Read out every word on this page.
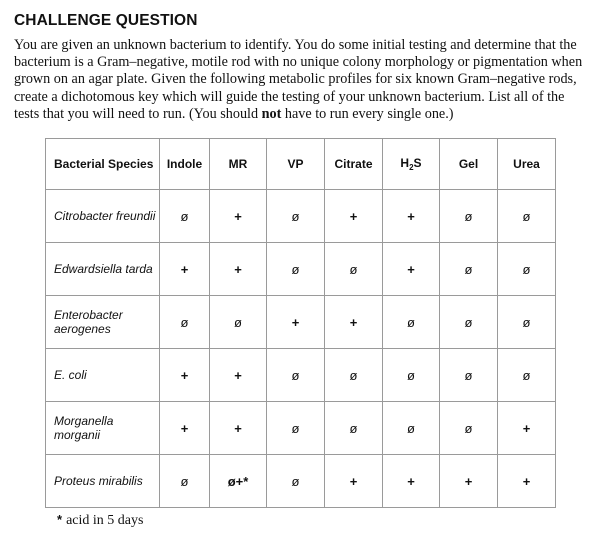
CHALLENGE QUESTION
You are given an unknown bacterium to identify. You do some initial testing and determine that the
bacterium is a Gram–negative, motile rod with no unique colony morphology or pigmentation when
grown on an agar plate. Given the following metabolic profiles for six known Gram–negative rods,
create a dichotomous key which will guide the testing of your unknown bacterium. List all of the
tests that you will need to run. (You should not have to run every single one.)
Bacterial Species	Indole	MR	VP	Citrate	$H_2S$	Gel	Urea
Citrobacter freundii	ø	+	ø	+	+	ø	ø
Edwardsiella tarda	+	+	ø	ø	+	ø	ø
Enterobacter
aerogenes	ø	ø	+	+	ø	ø	ø
E. coli	+	+	ø	ø	ø	ø	ø
Morganella
morganii	+	+	ø	ø	ø	ø	+
Proteus mirabilis	ø	ø+*	ø	+	+	+	+
* acid in 5 days
